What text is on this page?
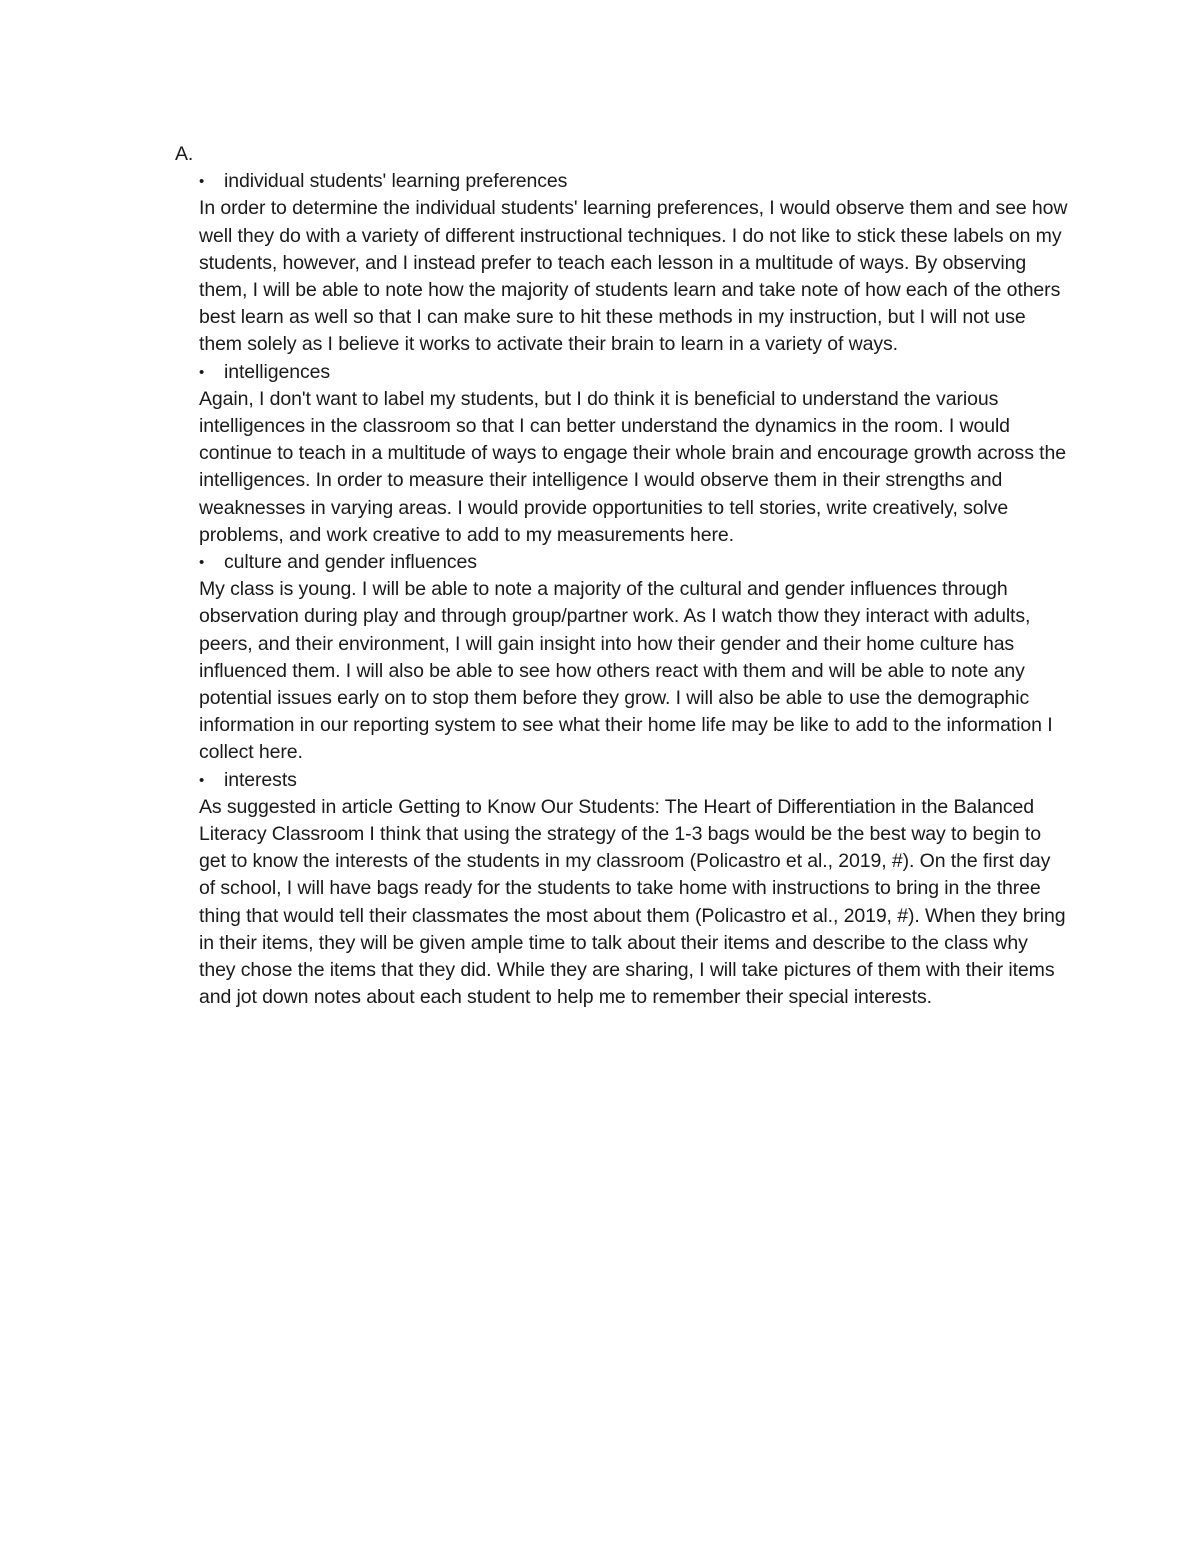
A.

•	individual students' learning preferences
In order to determine the individual students' learning preferences, I would observe them and see how well they do with a variety of different instructional techniques. I do not like to stick these labels on my students, however, and I instead prefer to teach each lesson in a multitude of ways. By observing them, I will be able to note how the majority of students learn and take note of how each of the others best learn as well so that I can make sure to hit these methods in my instruction, but I will not use them solely as I believe it works to activate their brain to learn in a variety of ways.
•	intelligences
Again, I don't want to label my students, but I do think it is beneficial to understand the various intelligences in the classroom so that I can better understand the dynamics in the room. I would continue to teach in a multitude of ways to engage their whole brain and encourage growth across the intelligences. In order to measure their intelligence I would observe them in their strengths and weaknesses in varying areas. I would provide opportunities to tell stories, write creatively, solve problems, and work creative to add to my measurements here.
•	culture and gender influences
My class is young. I will be able to note a majority of the cultural and gender influences through observation during play and through group/partner work. As I watch thow they interact with adults, peers, and their environment, I will gain insight into how their gender and their home culture has influenced them. I will also be able to see how others react with them and will be able to note any potential issues early on to stop them before they grow. I will also be able to use the demographic information in our reporting system to see what their home life may be like to add to the information I collect here.
•	interests
As suggested in article Getting to Know Our Students: The Heart of Differentiation in the Balanced Literacy Classroom I think that using the strategy of the 1-3 bags would be the best way to begin to get to know the interests of the students in my classroom (Policastro et al., 2019, #). On the first day of school, I will have bags ready for the students to take home with instructions to bring in the three thing that would tell their classmates the most about them (Policastro et al., 2019, #). When they bring in their items, they will be given ample time to talk about their items and describe to the class why they chose the items that they did. While they are sharing, I will take pictures of them with their items and jot down notes about each student to help me to remember their special interests.
